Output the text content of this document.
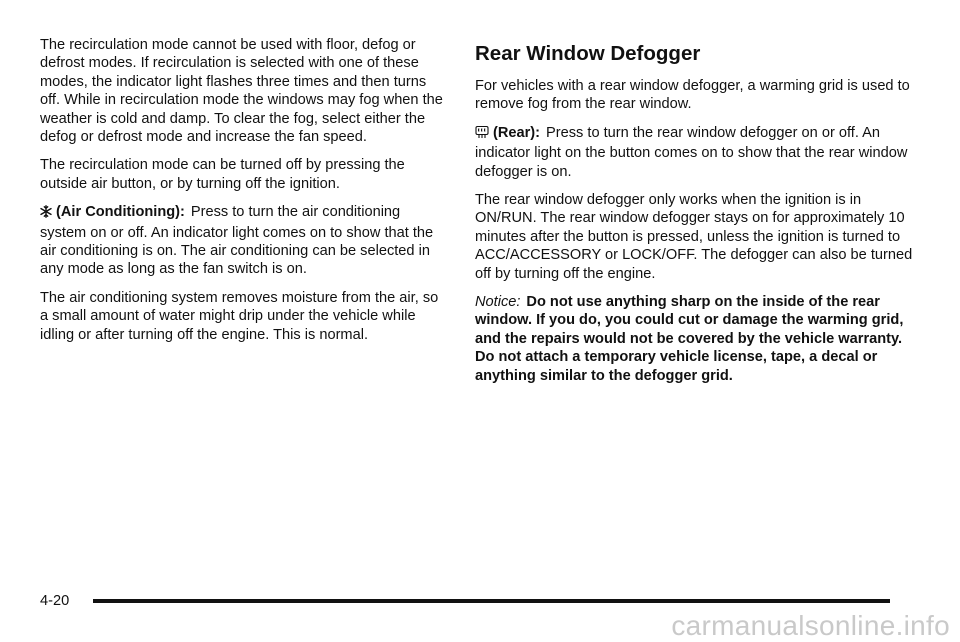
The recirculation mode cannot be used with floor, defog or defrost modes. If recirculation is selected with one of these modes, the indicator light flashes three times and then turns off. While in recirculation mode the windows may fog when the weather is cold and damp. To clear the fog, select either the defog or defrost mode and increase the fan speed.

The recirculation mode can be turned off by pressing the outside air button, or by turning off the ignition.

(Air Conditioning): Press to turn the air conditioning system on or off. An indicator light comes on to show that the air conditioning is on. The air conditioning can be selected in any mode as long as the fan switch is on.

The air conditioning system removes moisture from the air, so a small amount of water might drip under the vehicle while idling or after turning off the engine. This is normal.

Rear Window Defogger

For vehicles with a rear window defogger, a warming grid is used to remove fog from the rear window.

(Rear): Press to turn the rear window defogger on or off. An indicator light on the button comes on to show that the rear window defogger is on.

The rear window defogger only works when the ignition is in ON/RUN. The rear window defogger stays on for approximately 10 minutes after the button is pressed, unless the ignition is turned to ACC/ACCESSORY or LOCK/OFF. The defogger can also be turned off by turning off the engine.

Notice: Do not use anything sharp on the inside of the rear window. If you do, you could cut or damage the warming grid, and the repairs would not be covered by the vehicle warranty. Do not attach a temporary vehicle license, tape, a decal or anything similar to the defogger grid.

4-20
carmanualsonline.info
